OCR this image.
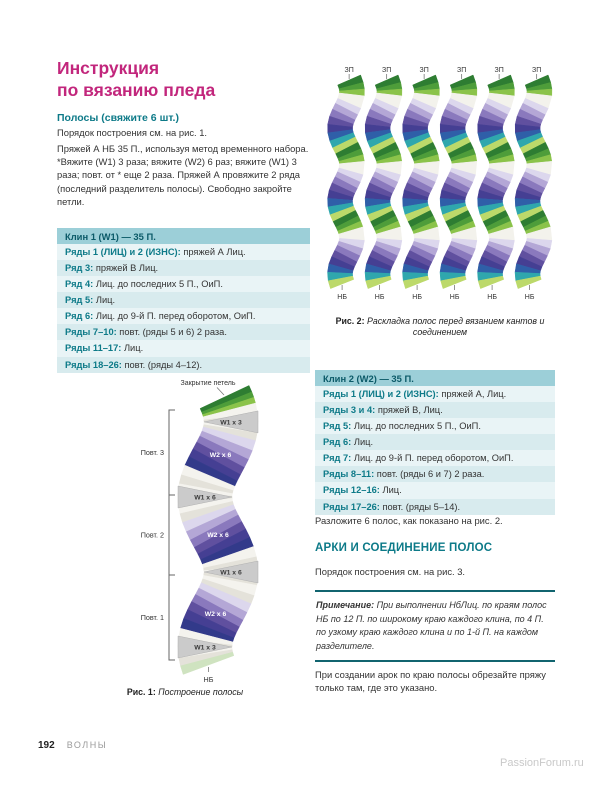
Инструкция
по вязанию пледа
Полосы (свяжите 6 шт.)

Порядок построения см. на рис. 1.

Пряжей А НБ 35 П., используя метод временного набора. *Вяжите (W1) 3 раза; вяжите (W2) 6 раз; вяжите (W1) 3 раза; повт. от * еще 2 раза. Пряжей А провяжите 2 ряда (последний разделитель полосы). Свободно закройте петли.

Клин 1 (W1) — 35 П.
Ряды 1 (ЛИЦ) и 2 (ИЗНС): пряжей А Лиц.
Ряд 3: пряжей В Лиц.
Ряд 4: Лиц. до последних 5 П., ОиП.
Ряд 5: Лиц.
Ряд 6: Лиц. до 9-й П. перед оборотом, ОиП.
Ряды 7–10: повт. (ряды 5 и 6) 2 раза.
Ряды 11–17: Лиц.
Ряды 18–26: повт. (ряды 4–12).
ЗП
НБ
ЗП
НБ
ЗП
НБ
ЗП
НБ
ЗП
НБ
ЗП
НБ
Рис. 2: Раскладка полос перед вязанием кантов и соединением
Клин 2 (W2) — 35 П.
Ряды 1 (ЛИЦ) и 2 (ИЗНС): пряжей А, Лиц.
Ряды 3 и 4: пряжей В, Лиц.
Ряд 5: Лиц. до последних 5 П., ОиП.
Ряд 6: Лиц.
Ряд 7: Лиц. до 9-й П. перед оборотом, ОиП.
Ряды 8–11: повт. (ряды 6 и 7) 2 раза.
Ряды 12–16: Лиц.
Ряды 17–26: повт. (ряды 5–14).

Разложите 6 полос, как показано на рис. 2.

АРКИ И СОЕДИНЕНИЕ ПОЛОС

Порядок построения см. на рис. 3.

Примечание: При выполнении НбЛиц. по краям полос НБ по 12 П. по широкому краю каждого клина, по 4 П. по узкому краю каждого клина и по 1-й П. на каждом разделителе.

При создании арок по краю полосы обрезайте пряжу только там, где это указано.

W1 x 3
W1 x 6
W1 x 6
W1 x 3
W2 x 6
W2 x 6
W2 x 6
Повт. 3
Повт. 2
Повт. 1
Закрытие петель
НБ
Рис. 1: Построение полосы
192 ВОЛНЫ
PassionForum.ru
